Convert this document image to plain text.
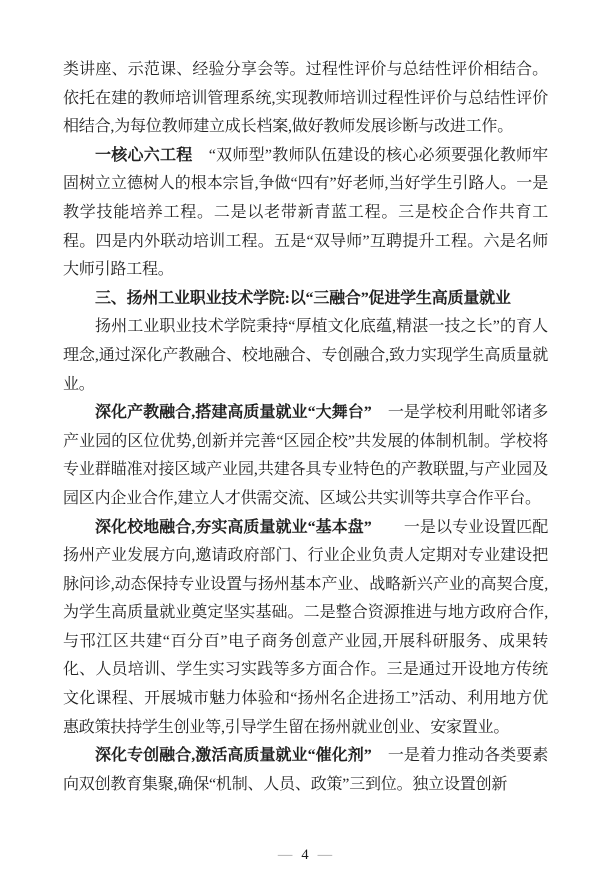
类讲座、示范课、经验分享会等。过程性评价与总结性评价相结合。依托在建的教师培训管理系统,实现教师培训过程性评价与总结性评价相结合,为每位教师建立成长档案,做好教师发展诊断与改进工作。

一核心六工程　“双师型”教师队伍建设的核心必须要强化教师牢固树立立德树人的根本宗旨,争做“四有”好老师,当好学生引路人。一是教学技能培养工程。二是以老带新青蓝工程。三是校企合作共育工程。四是内外联动培训工程。五是“双导师”互聘提升工程。六是名师大师引路工程。

三、扬州工业职业技术学院:以“三融合”促进学生高质量就业

扬州工业职业技术学院秉持“厚植文化底蕴,精湛一技之长”的育人理念,通过深化产教融合、校地融合、专创融合,致力实现学生高质量就业。

深化产教融合,搭建高质量就业“大舞台”　一是学校利用毗邻诸多产业园的区位优势,创新并完善“区园企校”共发展的体制机制。学校将专业群瞄准对接区域产业园,共建各具专业特色的产教联盟,与产业园及园区内企业合作,建立人才供需交流、区域公共实训等共享合作平台。

深化校地融合,夯实高质量就业“基本盘”　　一是以专业设置匹配扬州产业发展方向,邀请政府部门、行业企业负责人定期对专业建设把脉问诊,动态保持专业设置与扬州基本产业、战略新兴产业的高契合度,为学生高质量就业奠定坚实基础。二是整合资源推进与地方政府合作,与邗江区共建“百分百”电子商务创意产业园,开展科研服务、成果转化、人员培训、学生实习实践等多方面合作。三是通过开设地方传统文化课程、开展城市魅力体验和“扬州名企进扬工”活动、利用地方优惠政策扶持学生创业等,引导学生留在扬州就业创业、安家置业。

深化专创融合,激活高质量就业“催化剂”　一是着力推动各类要素向双创教育集聚,确保“机制、人员、政策”三到位。独立设置创新

— 4 —
